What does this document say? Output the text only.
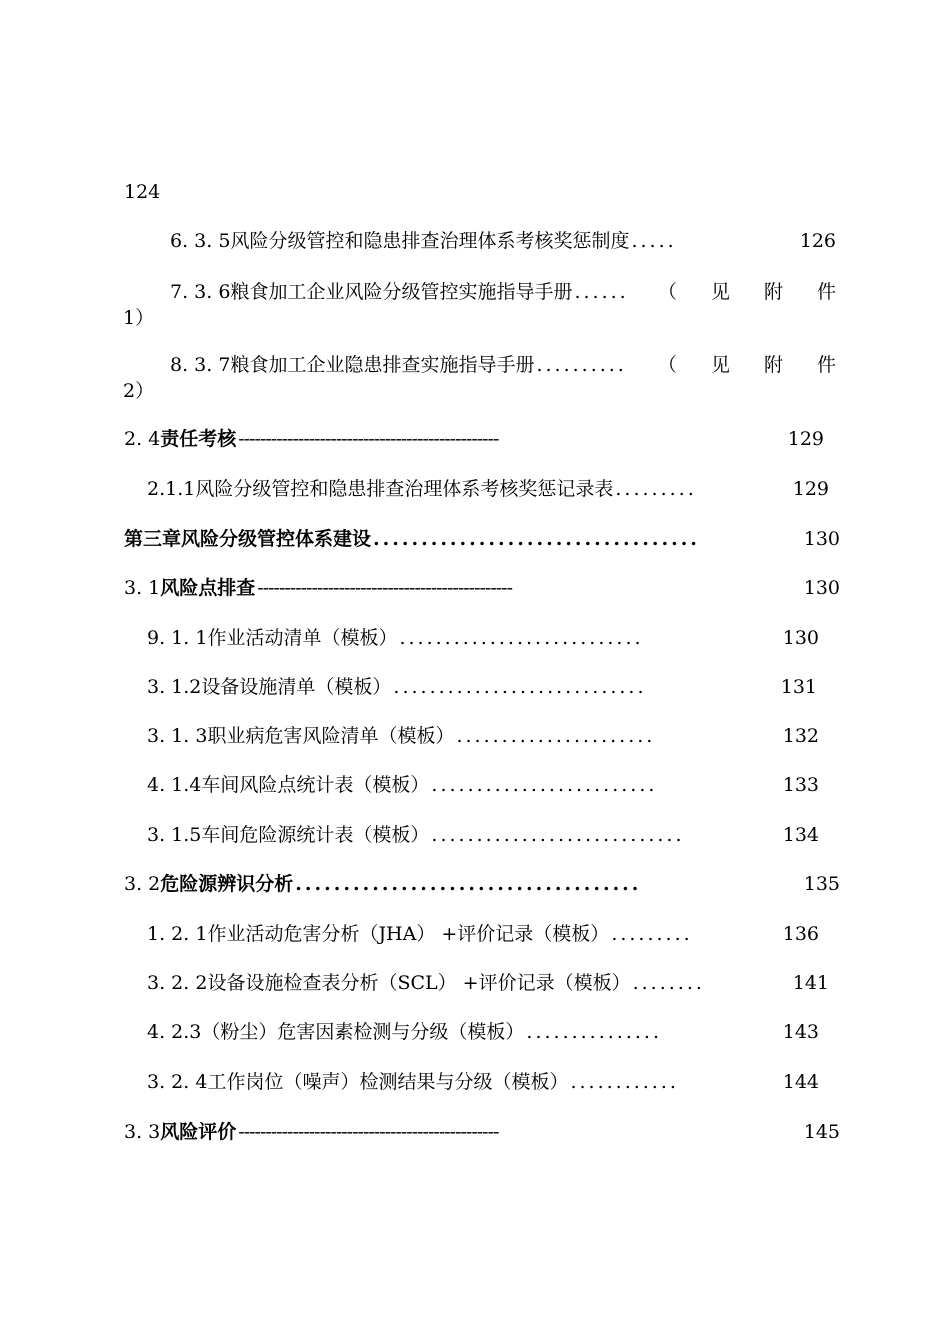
124
6. 3. 5 风险分级管控和隐患排查治理体系考核奖惩制度 .....	126
7. 3. 6 粮食加工企业风险分级管控实施指导手册 ......	（ 见 附 件
1）
8. 3. 7 粮食加工企业隐患排查实施指导手册 ..........	（ 见 附 件
2）
2. 4 责任考核 ------------------------------------------------	129
2.1.1 风险分级管控和隐患排查治理体系考核奖惩记录表 .........	129
第三章风险分级管控体系建设 ..................................	130
3. 1 风险点排查 -----------------------------------------------	130
9. 1. 1 作业活动清单（模板） ...........................	130
3. 1.2 设备设施清单（模板） ............................	131
3. 1. 3 职业病危害风险清单（模板） ......................	132
4. 1.4 车间风险点统计表（模板） .........................	133
3. 1.5 车间危险源统计表（模板） ............................	134
3. 2 危险源辨识分析 ....................................	135
1. 2. 1 作业活动危害分析（JHA） +评价记录（模板） .........	136
3. 2. 2 设备设施检查表分析（SCL） +评价记录（模板） ........	141
4. 2.3 （粉尘）危害因素检测与分级（模板） ...............	143
3. 2. 4 工作岗位（噪声）检测结果与分级（模板） ............	144
3. 3 风险评价 ------------------------------------------------	145
